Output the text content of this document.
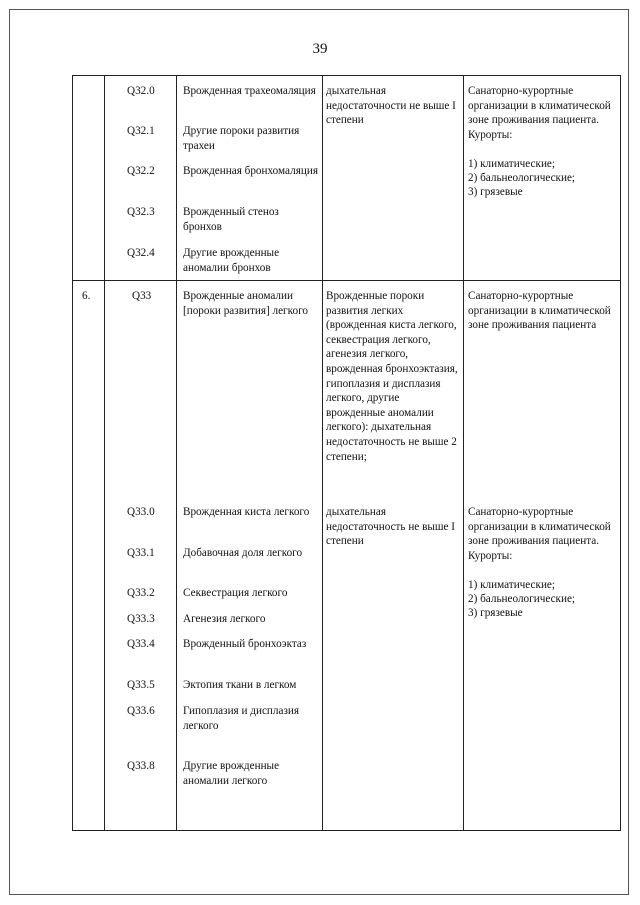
39
Q32.0	Врожденная трахеомаляция
Q32.1	Другие пороки развития трахеи
Q32.2	Врожденная бронхомаляция
Q32.3	Врожденный стеноз бронхов
Q32.4	Другие врожденные аномалии бронхов
дыхательная недостаточности не выше I степени
Санаторно-курортные организации в климатической зоне проживания пациента. Курорты:
1) климатические;
2) бальнеологические;
3) грязевые
6.	Q33	Врожденные аномалии [пороки развития] легкого
Врожденные пороки развития легких (врожденная киста легкого, секвестрация легкого, агенезия легкого, врожденная бронхоэктазия, гипоплазия и дисплазия легкого, другие врожденные аномалии легкого): дыхательная недостаточность не выше 2 степени;
Санаторно-курортные организации в климатической зоне проживания пациента
Q33.0	Врожденная киста легкого
Q33.1	Добавочная доля легкого
Q33.2	Секвестрация легкого
Q33.3	Агенезия легкого
Q33.4	Врожденный бронхоэктаз
Q33.5	Эктопия ткани в легком
Q33.6	Гипоплазия и дисплазия легкого
Q33.8	Другие врожденные аномалии легкого
дыхательная недостаточность не выше I степени
Санаторно-курортные организации в климатической зоне проживания пациента. Курорты:
1) климатические;
2) бальнеологические;
3) грязевые
